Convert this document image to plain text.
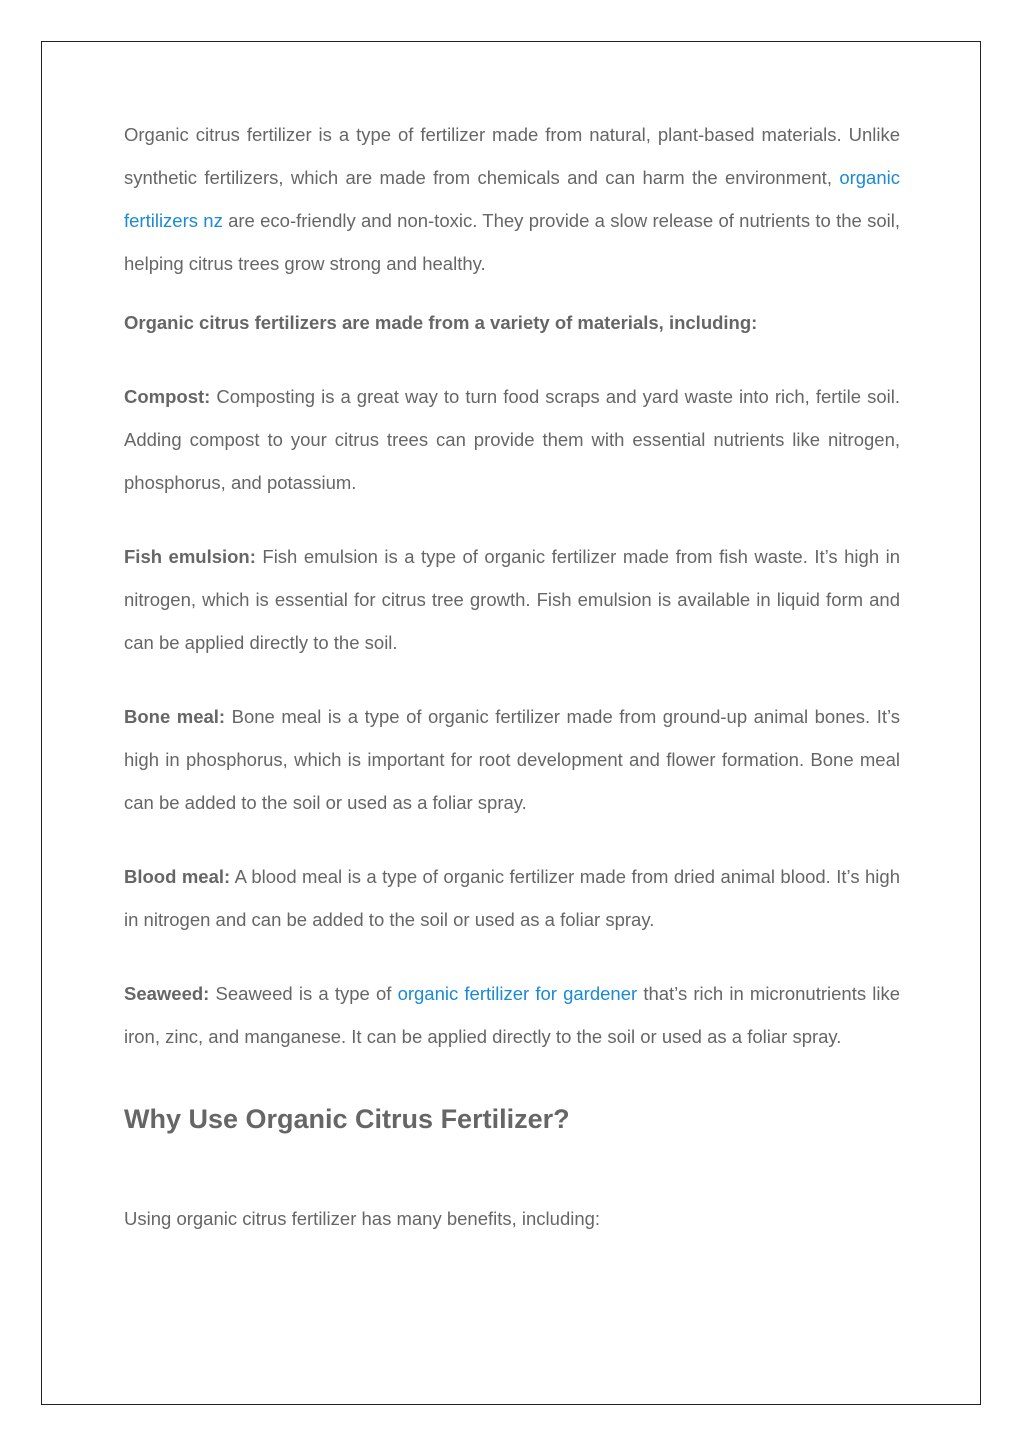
Organic citrus fertilizer is a type of fertilizer made from natural, plant-based materials. Unlike synthetic fertilizers, which are made from chemicals and can harm the environment, organic fertilizers nz are eco-friendly and non-toxic. They provide a slow release of nutrients to the soil, helping citrus trees grow strong and healthy.

Organic citrus fertilizers are made from a variety of materials, including:

Compost: Composting is a great way to turn food scraps and yard waste into rich, fertile soil. Adding compost to your citrus trees can provide them with essential nutrients like nitrogen, phosphorus, and potassium.

Fish emulsion: Fish emulsion is a type of organic fertilizer made from fish waste. It’s high in nitrogen, which is essential for citrus tree growth. Fish emulsion is available in liquid form and can be applied directly to the soil.

Bone meal: Bone meal is a type of organic fertilizer made from ground-up animal bones. It’s high in phosphorus, which is important for root development and flower formation. Bone meal can be added to the soil or used as a foliar spray.

Blood meal: A blood meal is a type of organic fertilizer made from dried animal blood. It’s high in nitrogen and can be added to the soil or used as a foliar spray.

Seaweed: Seaweed is a type of organic fertilizer for gardener that’s rich in micronutrients like iron, zinc, and manganese. It can be applied directly to the soil or used as a foliar spray.

Why Use Organic Citrus Fertilizer?

Using organic citrus fertilizer has many benefits, including:
